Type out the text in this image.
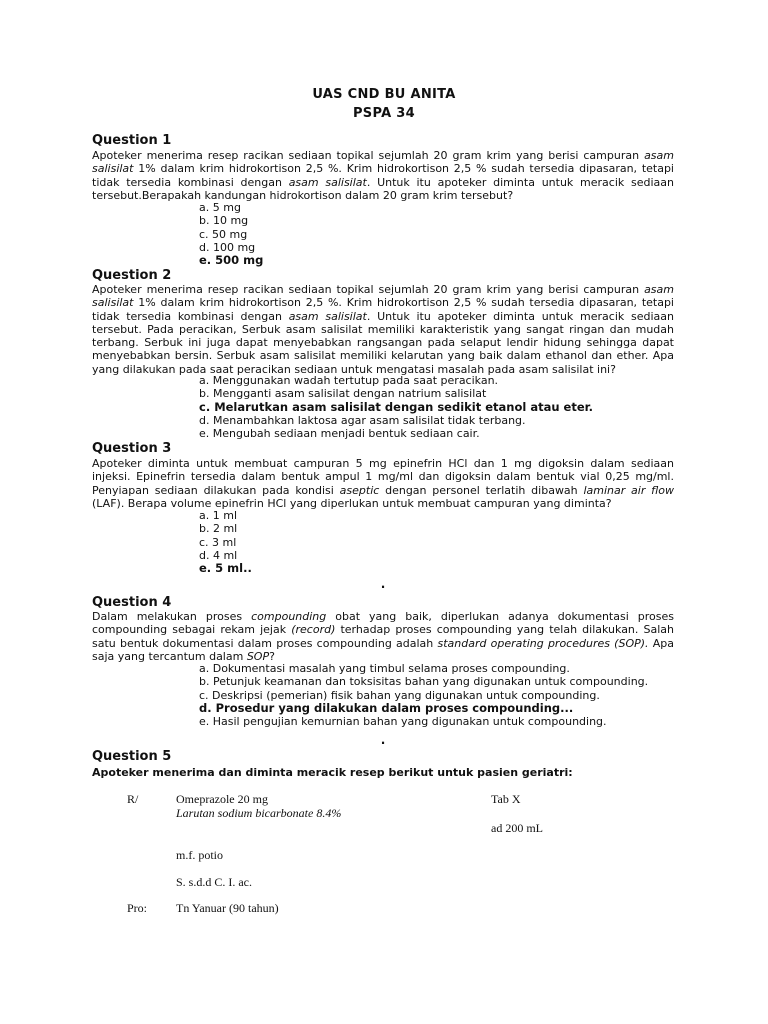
UAS CND BU ANITA
PSPA 34
Question 1

Apoteker menerima resep racikan sediaan topikal sejumlah 20 gram krim yang berisi campuran asam salisilat 1% dalam krim hidrokortison 2,5 %. Krim hidrokortison 2,5 % sudah tersedia dipasaran, tetapi tidak tersedia kombinasi dengan asam salisilat. Untuk itu apoteker diminta untuk meracik sediaan tersebut.Berapakah kandungan hidrokortison dalam 20 gram krim tersebut?

a. 5 mg
b. 10 mg
c. 50 mg
d. 100 mg
e. 500 mg
Question 2

Apoteker menerima resep racikan sediaan topikal sejumlah 20 gram krim yang berisi campuran asam salisilat 1% dalam krim hidrokortison 2,5 %. Krim hidrokortison 2,5 % sudah tersedia dipasaran, tetapi tidak tersedia kombinasi dengan asam salisilat. Untuk itu apoteker diminta untuk meracik sediaan tersebut. Pada peracikan, Serbuk asam salisilat memiliki karakteristik yang sangat ringan dan mudah terbang. Serbuk ini juga dapat menyebabkan rangsangan pada selaput lendir hidung sehingga dapat menyebabkan bersin. Serbuk asam salisilat memiliki kelarutan yang baik dalam ethanol dan ether. Apa yang dilakukan pada saat peracikan sediaan untuk mengatasi masalah pada asam salisilat ini?

a. Menggunakan wadah tertutup pada saat peracikan.
b. Mengganti asam salisilat dengan natrium salisilat
c. Melarutkan asam salisilat dengan sedikit etanol atau eter.
d. Menambahkan laktosa agar asam salisilat tidak terbang.
e. Mengubah sediaan menjadi bentuk sediaan cair.
Question 3

Apoteker diminta untuk membuat campuran 5 mg epinefrin HCl dan 1 mg digoksin dalam sediaan injeksi. Epinefrin tersedia dalam bentuk ampul 1 mg/ml dan digoksin dalam bentuk vial 0,25 mg/ml. Penyiapan sediaan dilakukan pada kondisi aseptic dengan personel terlatih dibawah laminar air flow (LAF). Berapa volume epinefrin HCl yang diperlukan untuk membuat campuran yang diminta?

a. 1 ml
b. 2 ml
c. 3 ml
d. 4 ml
e. 5 ml..
.
Question 4

Dalam melakukan proses compounding obat yang baik, diperlukan adanya dokumentasi proses compounding sebagai rekam jejak (record) terhadap proses compounding yang telah dilakukan. Salah satu bentuk dokumentasi dalam proses compounding adalah standard operating procedures (SOP). Apa saja yang tercantum dalam SOP?

a. Dokumentasi masalah yang timbul selama proses compounding.
b. Petunjuk keamanan dan toksisitas bahan yang digunakan untuk compounding.
c. Deskripsi (pemerian) fisik bahan yang digunakan untuk compounding.
d. Prosedur yang dilakukan dalam proses compounding...
e. Hasil pengujian kemurnian bahan yang digunakan untuk compounding.
.
Question 5
Apoteker menerima dan diminta meracik resep berikut untuk pasien geriatri:
R/	Omeprazole 20 mg	Tab X
Larutan sodium bicarbonate 8.4%
ad 200 mL
m.f. potio
S. s.d.d C. I. ac.
Pro: Tn Yanuar (90 tahun)
